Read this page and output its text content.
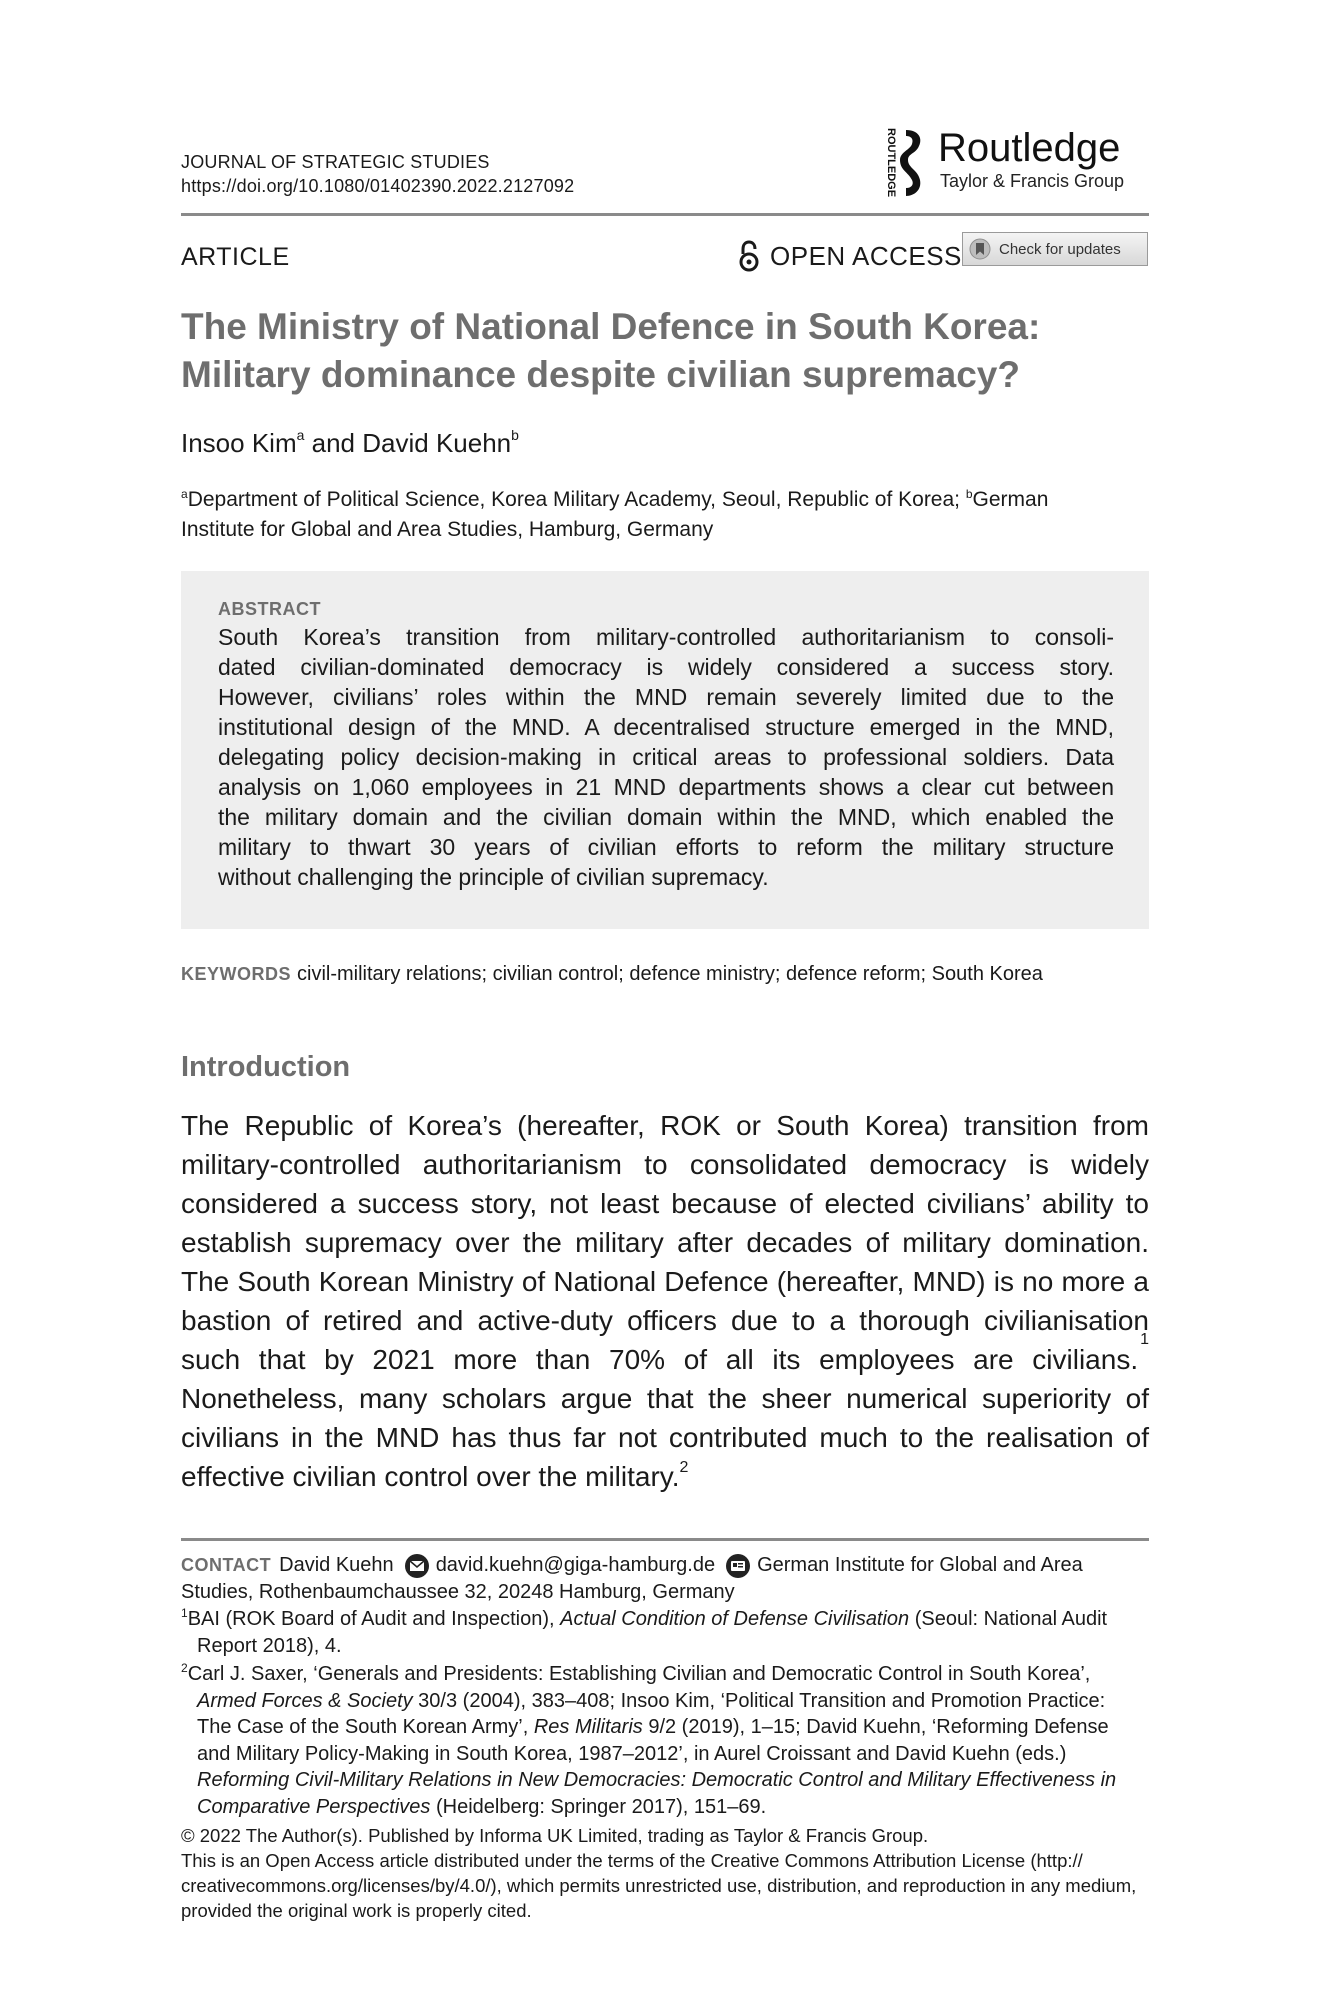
JOURNAL OF STRATEGIC STUDIES
https://doi.org/10.1080/01402390.2022.2127092	ROUTLEDGE Routledge
Taylor & Francis Group
ARTICLE	OPEN ACCESS Check for updates
The Ministry of National Defence in South Korea:
Military dominance despite civilian supremacy?
Insoo Kim$^a$ and David Kuehn$^b$
$^a$Department of Political Science, Korea Military Academy, Seoul, Republic of Korea; $^b$German
Institute for Global and Area Studies, Hamburg, Germany
ABSTRACT
South Korea’s transition from military-controlled authoritarianism to consoli-
dated civilian-dominated democracy is widely considered a success story.
However, civilians’ roles within the MND remain severely limited due to the
institutional design of the MND. A decentralised structure emerged in the MND,
delegating policy decision-making in critical areas to professional soldiers. Data
analysis on 1,060 employees in 21 MND departments shows a clear cut between
the military domain and the civilian domain within the MND, which enabled the
military to thwart 30 years of civilian efforts to reform the military structure
without challenging the principle of civilian supremacy.
KEYWORDS civil-military relations; civilian control; defence ministry; defence reform; South Korea
Introduction
The Republic of Korea’s (hereafter, ROK or South Korea) transition from
military-controlled authoritarianism to consolidated democracy is widely
considered a success story, not least because of elected civilians’ ability to
establish supremacy over the military after decades of military domination.
The South Korean Ministry of National Defence (hereafter, MND) is no more a
bastion of retired and active-duty officers due to a thorough civilianisation
such that by 2021 more than 70% of all its employees are civilians.
1
Nonetheless, many scholars argue that the sheer numerical superiority of
civilians in the MND has thus far not contributed much to the realisation of
effective civilian control over the military.$^2$
CONTACT David Kuehn david.kuehn@giga-hamburg.de German Institute for Global and Area
Studies, Rothenbaumchaussee 32, 20248 Hamburg, Germany
$^1$BAI (ROK Board of Audit and Inspection), Actual Condition of Defense Civilisation (Seoul: National Audit
Report 2018), 4.
$^2$Carl J. Saxer, ‘Generals and Presidents: Establishing Civilian and Democratic Control in South Korea’,
Armed Forces & Society 30/3 (2004), 383–408; Insoo Kim, ‘Political Transition and Promotion Practice:
The Case of the South Korean Army’, Res Militaris 9/2 (2019), 1–15; David Kuehn, ‘Reforming Defense
and Military Policy-Making in South Korea, 1987–2012’, in Aurel Croissant and David Kuehn (eds.)
Reforming Civil-Military Relations in New Democracies: Democratic Control and Military Effectiveness in
Comparative Perspectives (Heidelberg: Springer 2017), 151–69.
© 2022 The Author(s). Published by Informa UK Limited, trading as Taylor & Francis Group.
This is an Open Access article distributed under the terms of the Creative Commons Attribution License (http://
creativecommons.org/licenses/by/4.0/), which permits unrestricted use, distribution, and reproduction in any medium,
provided the original work is properly cited.
